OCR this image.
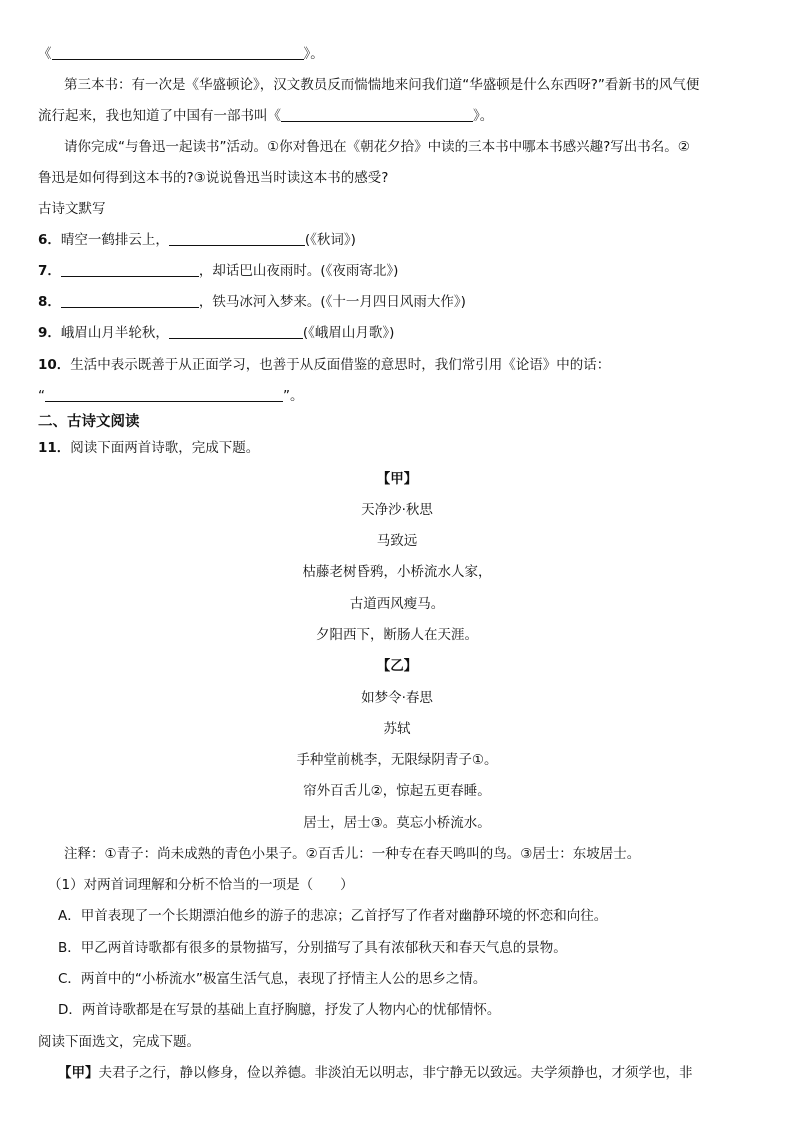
《	》。
第三本书：有一次是《华盛顿论》，汉文教员反而惴惴地来问我们道“华盛顿是什么东西呀?”看新书的风气便
流行起来，我也知道了中国有一部书叫《	》。
请你完成“与鲁迅一起读书”活动。①你对鲁迅在《朝花夕拾》中读的三本书中哪本书感兴趣?写出书名。②
鲁迅是如何得到这本书的?③说说鲁迅当时读这本书的感受?
古诗文默写
6．晴空一鹤排云上，	(《秋词》)
7．	，却话巴山夜雨时。(《夜雨寄北》)
8．	，铁马冰河入梦来。(《十一月四日风雨大作》)
9．峨眉山月半轮秋，	(《峨眉山月歌》)
10．生活中表示既善于从正面学习，也善于从反面借鉴的意思时，我们常引用《论语》中的话：
“	”。
二、古诗文阅读
11．阅读下面两首诗歌，完成下题。
【甲】
天净沙·秋思
马致远
枯藤老树昏鸦，小桥流水人家，
古道西风瘦马。
夕阳西下，断肠人在天涯。
【乙】
如梦令·春思
苏轼
手种堂前桃李，无限绿阴青子①。
帘外百舌儿②，惊起五更春睡。
居士，居士③。莫忘小桥流水。
注释：①青子：尚未成熟的青色小果子。②百舌儿：一种专在春天鸣叫的鸟。③居士：东坡居士。
（1）对两首词理解和分析不恰当的一项是（　　）
A．甲首表现了一个长期漂泊他乡的游子的悲凉；乙首抒写了作者对幽静环境的怀恋和向往。
B．甲乙两首诗歌都有很多的景物描写，分别描写了具有浓郁秋天和春天气息的景物。
C．两首中的“小桥流水”极富生活气息，表现了抒情主人公的思乡之情。
D．两首诗歌都是在写景的基础上直抒胸臆，抒发了人物内心的忧郁情怀。
阅读下面选文，完成下题。
【甲】夫君子之行，静以修身，俭以养德。非淡泊无以明志，非宁静无以致远。夫学须静也，才须学也，非
